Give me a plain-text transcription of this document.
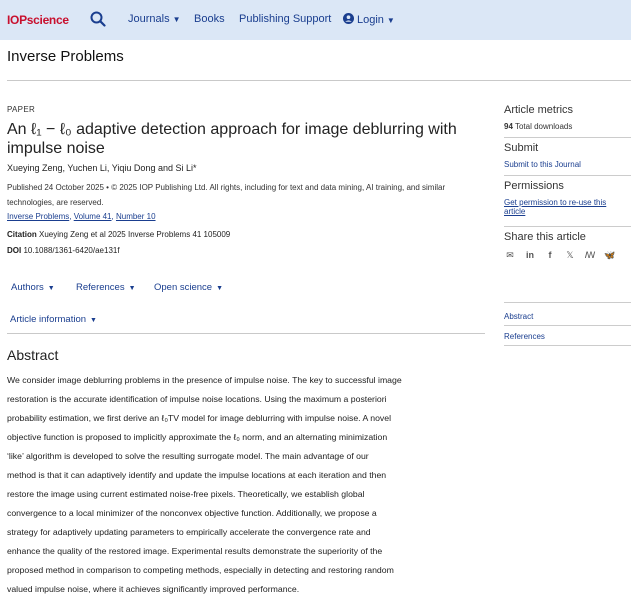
IOPscience	Journals ▼ Books Publishing Support	Login ▼
Inverse Problems
PAPER
An ℓ₁ − ℓ₀ adaptive detection approach for image deblurring with impulse noise
Xueying Zeng, Yuchen Li, Yiqiu Dong and Si Li*
Published 24 October 2025 • © 2025 IOP Publishing Ltd. All rights, including for text and data mining, AI training, and similar technologies, are reserved.
Inverse Problems, Volume 41, Number 10
Citation Xueying Zeng et al 2025 Inverse Problems 41 105009
DOI 10.1088/1361-6420/ae131f
Authors ▼ References ▼ Open science ▼
Article information ▼
Abstract
We consider image deblurring problems in the presence of impulse noise. The key to successful image
restoration is the accurate identification of impulse noise locations. Using the maximum a posteriori
probability estimation, we first derive an ℓ₀TV model for image deblurring with impulse noise. A novel
objective function is proposed to implicitly approximate the ℓ₀ norm, and an alternating minimization
‘like’ algorithm is developed to solve the resulting surrogate model. The main advantage of our
method is that it can adaptively identify and update the impulse locations at each iteration and then
restore the image using current estimated noise-free pixels. Theoretically, we establish global
convergence to a local minimizer of the nonconvex objective function. Additionally, we propose a
strategy for adaptively updating parameters to empirically accelerate the convergence rate and
enhance the quality of the restored image. Experimental results demonstrate the superiority of the
proposed method in comparison to competing methods, especially in detecting and restoring random
valued impulse noise, where it achieves significantly improved performance.
Article metrics
94 Total downloads
Submit
Submit to this Journal
Permissions
Get permission to re-use this
article
Share this article
✉ in	f	𝕏 ꟿ 🦋
Abstract
References
